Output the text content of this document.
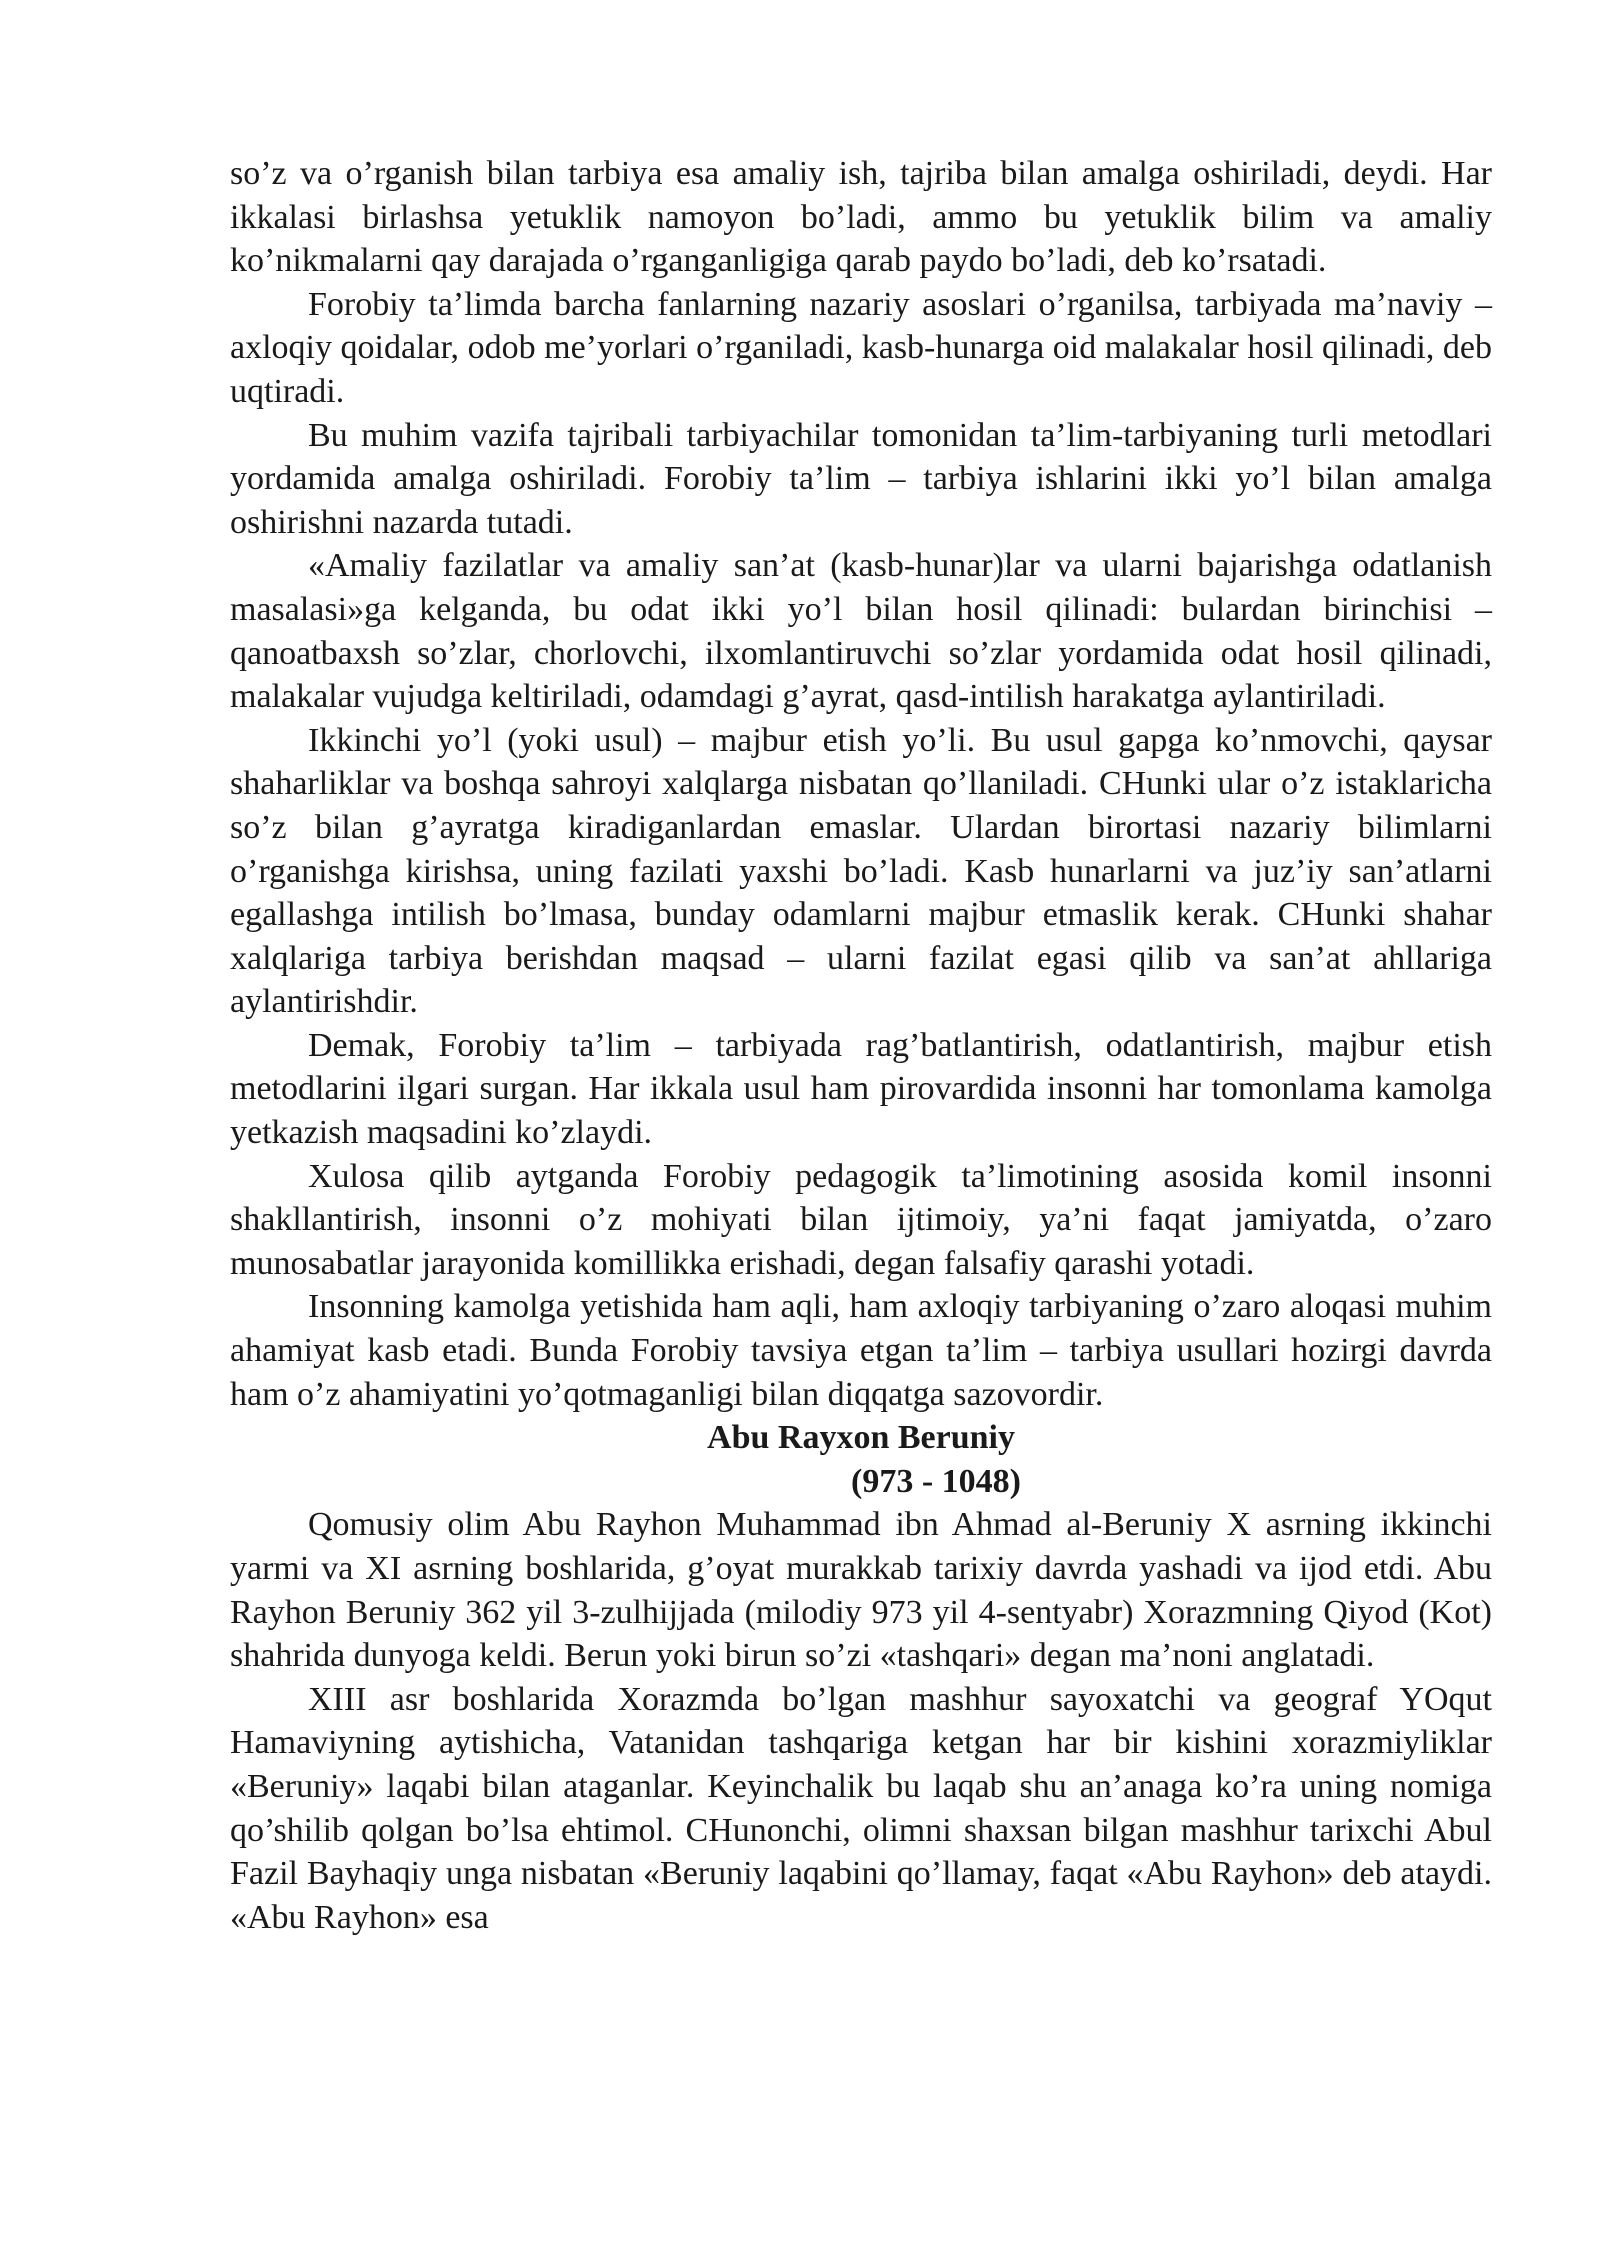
so’z va o’rganish bilan tarbiya esa amaliy ish, tajriba bilan amalga oshiriladi, deydi. Har ikkalasi birlashsa yetuklik namoyon bo’ladi, ammo bu yetuklik bilim va amaliy ko’nikmalarni qay darajada o’rganganligiga qarab paydo bo’ladi, deb ko’rsatadi.

Forobiy ta’limda barcha fanlarning nazariy asoslari o’rganilsa, tarbiyada ma’naviy – axloqiy qoidalar, odob me’yorlari o’rganiladi, kasb-hunarga oid malakalar hosil qilinadi, deb uqtiradi.

Bu muhim vazifa tajribali tarbiyachilar tomonidan ta’lim-tarbiyaning turli metodlari yordamida amalga oshiriladi. Forobiy ta’lim – tarbiya ishlarini ikki yo’l bilan amalga oshirishni nazarda tutadi.

«Amaliy fazilatlar va amaliy san’at (kasb-hunar)lar va ularni bajarishga odatlanish masalasi»ga kelganda, bu odat ikki yo’l bilan hosil qilinadi: bulardan birinchisi – qanoatbaxsh so’zlar, chorlovchi, ilxomlantiruvchi so’zlar yordamida odat hosil qilinadi, malakalar vujudga keltiriladi, odamdagi g’ayrat, qasd-intilish harakatga aylantiriladi.

Ikkinchi yo’l (yoki usul) – majbur etish yo’li. Bu usul gapga ko’nmovchi, qaysar shaharliklar va boshqa sahroyi xalqlarga nisbatan qo’llaniladi. CHunki ular o’z istaklaricha so’z bilan g’ayratga kiradiganlardan emaslar. Ulardan birortasi nazariy bilimlarni o’rganishga kirishsa, uning fazilati yaxshi bo’ladi. Kasb hunarlarni va juz’iy san’atlarni egallashga intilish bo’lmasa, bunday odamlarni majbur etmaslik kerak. CHunki shahar xalqlariga tarbiya berishdan maqsad – ularni fazilat egasi qilib va san’at ahllariga aylantirishdir.

Demak, Forobiy ta’lim – tarbiyada rag’batlantirish, odatlantirish, majbur etish metodlarini ilgari surgan. Har ikkala usul ham pirovardida insonni har tomonlama kamolga yetkazish maqsadini ko’zlaydi.

Xulosa qilib aytganda Forobiy pedagogik ta’limotining asosida komil insonni shakllantirish, insonni o’z mohiyati bilan ijtimoiy, ya’ni faqat jamiyatda, o’zaro munosabatlar jarayonida komillikka erishadi, degan falsafiy qarashi yotadi.

Insonning kamolga yetishida ham aqli, ham axloqiy tarbiyaning o’zaro aloqasi muhim ahamiyat kasb etadi. Bunda Forobiy tavsiya etgan ta’lim – tarbiya usullari hozirgi davrda ham o’z ahamiyatini yo’qotmaganligi bilan diqqatga sazovordir.

Abu Rayxon Beruniy
(973 - 1048)

Qomusiy olim Abu Rayhon Muhammad ibn Ahmad al-Beruniy X asrning ikkinchi yarmi va XI asrning boshlarida, g’oyat murakkab tarixiy davrda yashadi va ijod etdi. Abu Rayhon Beruniy 362 yil 3-zulhijjada (milodiy 973 yil 4-sentyabr) Xorazmning Qiyod (Kot) shahrida dunyoga keldi. Berun yoki birun so’zi «tashqari» degan ma’noni anglatadi.

XIII asr boshlarida Xorazmda bo’lgan mashhur sayoxatchi va geograf YOqut Hamaviyning aytishicha, Vatanidan tashqariga ketgan har bir kishini xorazmiyliklar «Beruniy» laqabi bilan ataganlar. Keyinchalik bu laqab shu an’anaga ko’ra uning nomiga qo’shilib qolgan bo’lsa ehtimol. CHunonchi, olimni shaxsan bilgan mashhur tarixchi Abul Fazil Bayhaqiy unga nisbatan «Beruniy laqabini qo’llamay, faqat «Abu Rayhon» deb ataydi. «Abu Rayhon» esa
